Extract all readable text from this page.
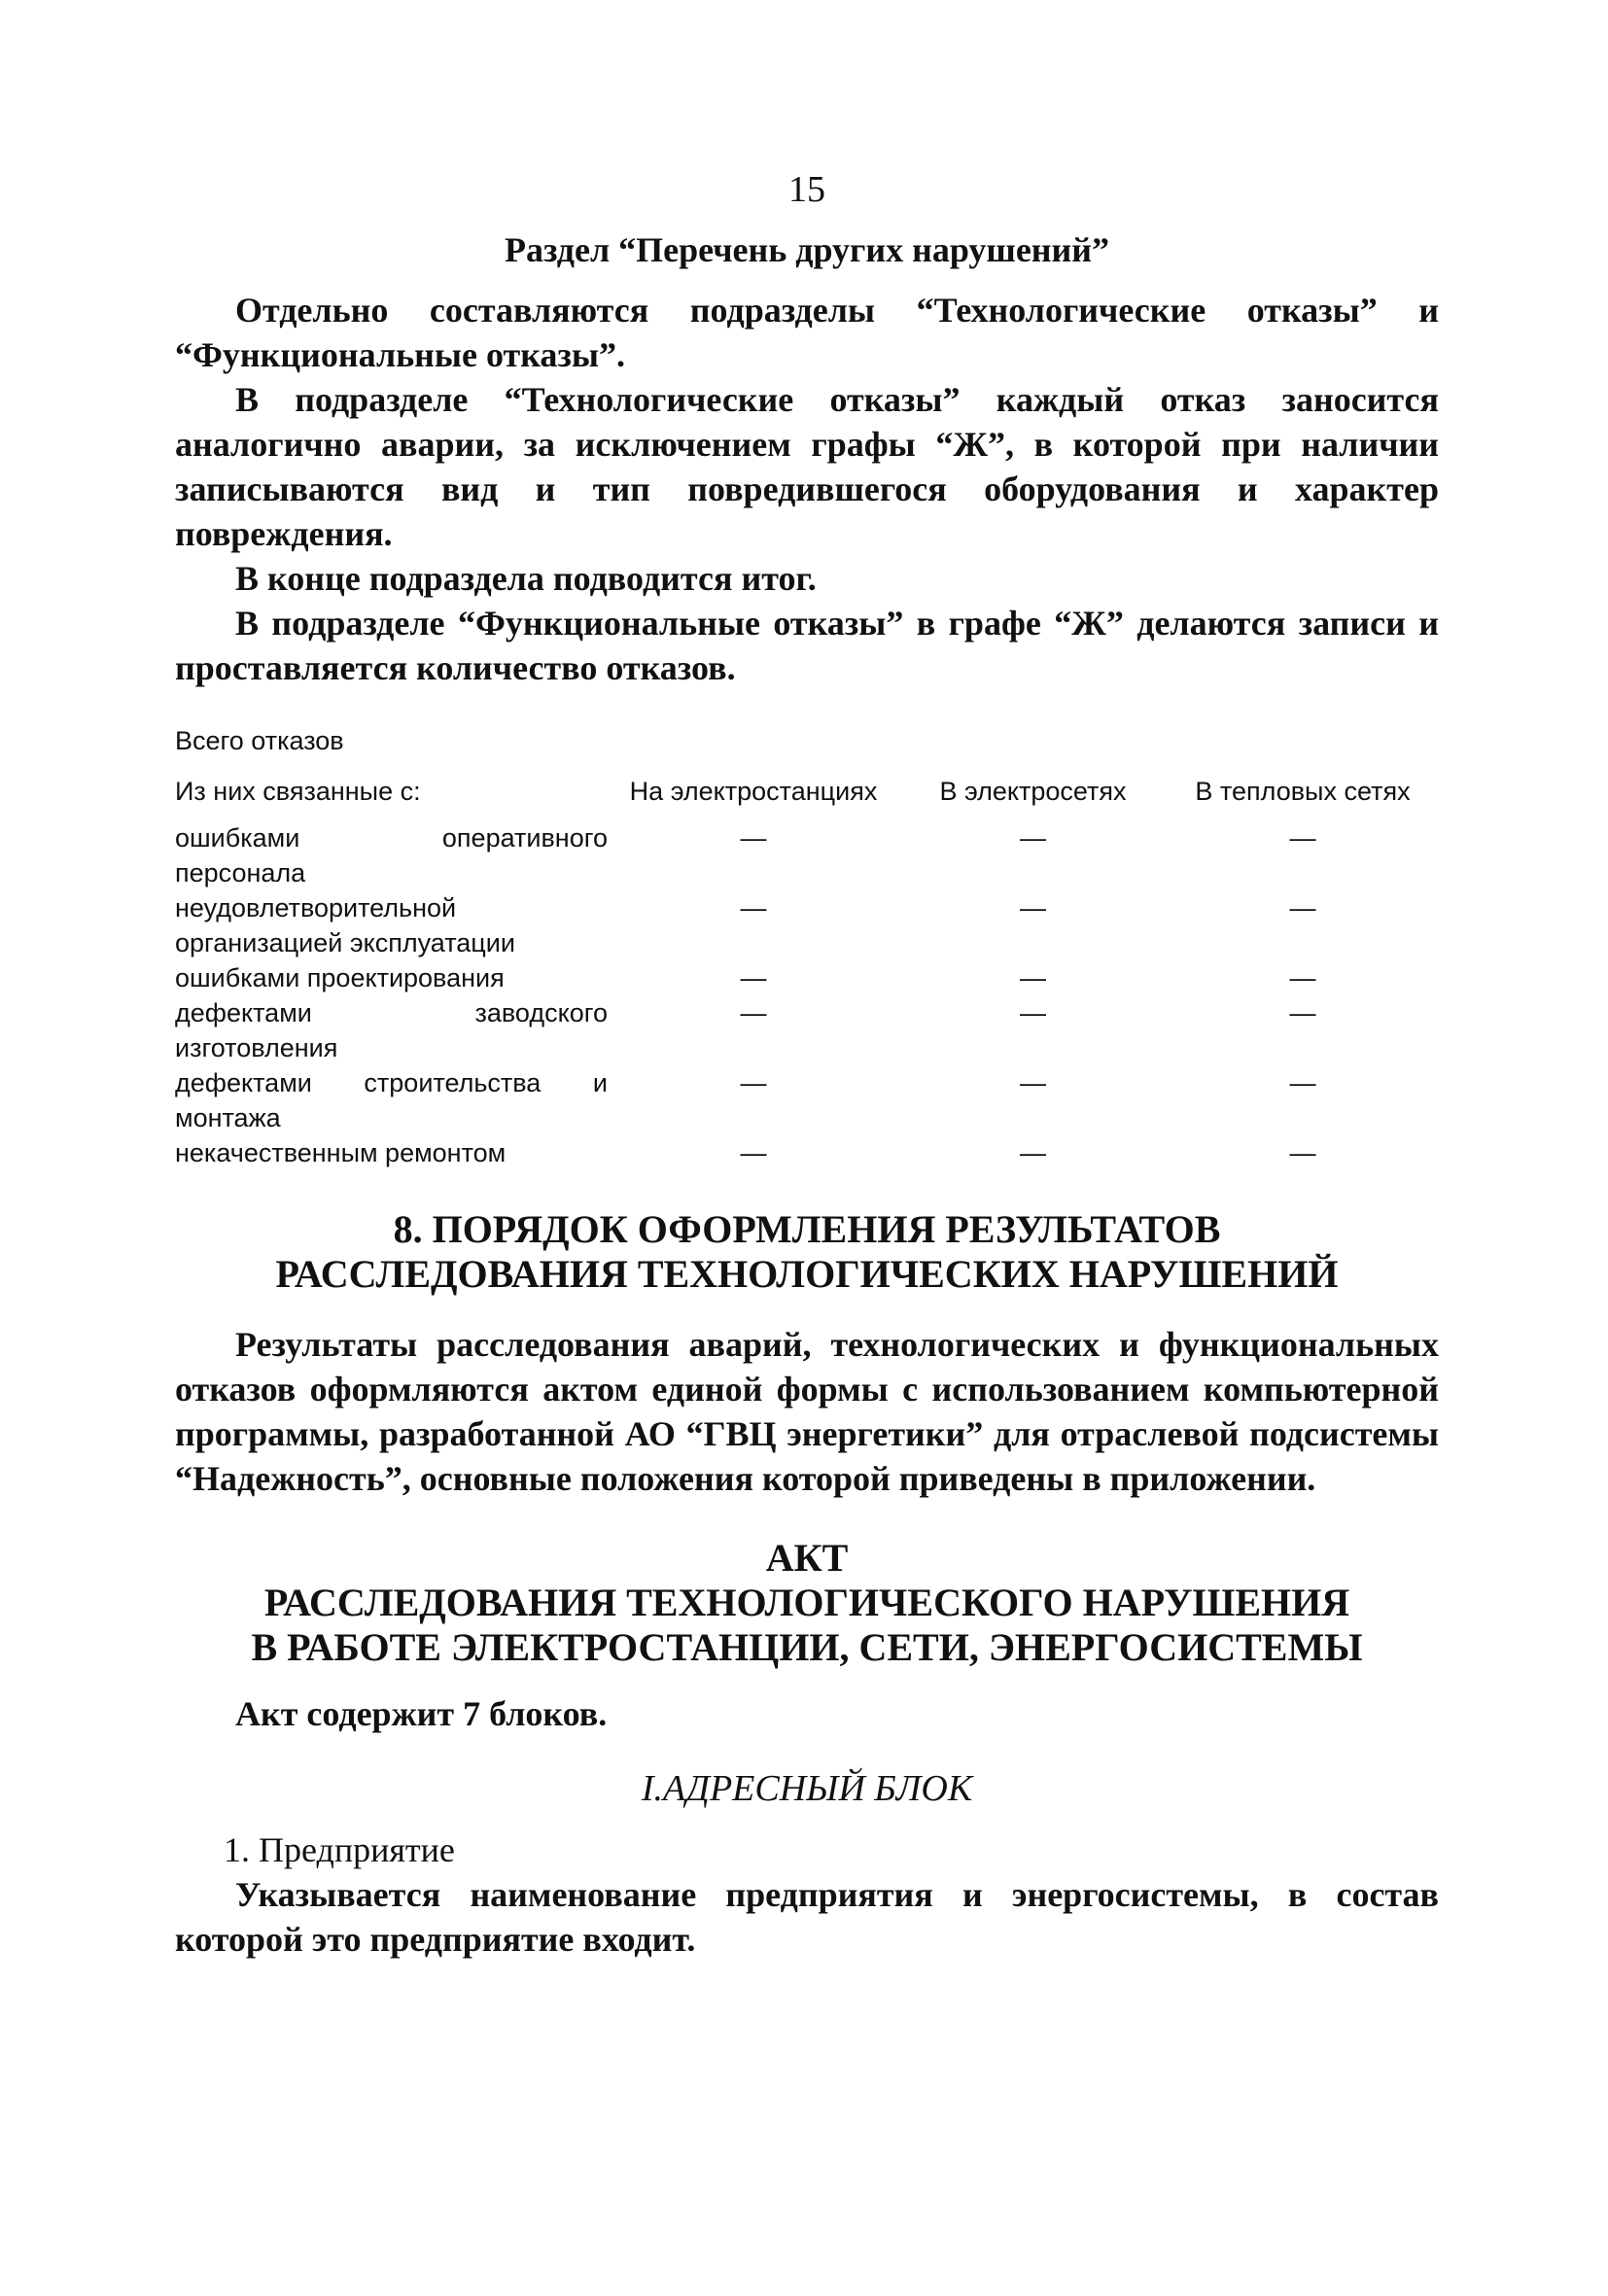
15
Раздел “Перечень других нарушений”

Отдельно составляются подразделы “Технологические отказы” и “Функциональные отказы”.

В подразделе “Технологические отказы” каждый отказ заносится аналогично аварии, за исключением графы “Ж”, в которой при наличии записываются вид и тип повредившегося оборудования и характер повреждения.

В конце подраздела подводится итог.

В подразделе “Функциональные отказы” в графе “Ж” делаются записи и проставляется количество отказов.

Всего отказов
Из них связанные с:	На электростанциях	В электросетях	В тепловых сетях
ошибками оперативного персонала	—	—	—
неудовлетворительной организацией эксплуатации	—	—	—
ошибками проектирования	—	—	—
дефектами заводского изготовления	—	—	—
дефектами строительства и монтажа	—	—	—
некачественным ремонтом	—	—	—
8. ПОРЯДОК ОФОРМЛЕНИЯ РЕЗУЛЬТАТОВ
РАССЛЕДОВАНИЯ ТЕХНОЛОГИЧЕСКИХ НАРУШЕНИЙ

Результаты расследования аварий, технологических и функциональных отказов оформляются актом единой формы с использованием компьютерной программы, разработанной АО “ГВЦ энергетики” для отраслевой подсистемы “Надежность”, основные положения которой приведены в приложении.

АКТ
РАССЛЕДОВАНИЯ ТЕХНОЛОГИЧЕСКОГО НАРУШЕНИЯ
В РАБОТЕ ЭЛЕКТРОСТАНЦИИ, СЕТИ, ЭНЕРГОСИСТЕМЫ

Акт содержит 7 блоков.

I.АДРЕСНЫЙ БЛОК

1. Предприятие

Указывается наименование предприятия и энергосистемы, в состав которой это предприятие входит.
